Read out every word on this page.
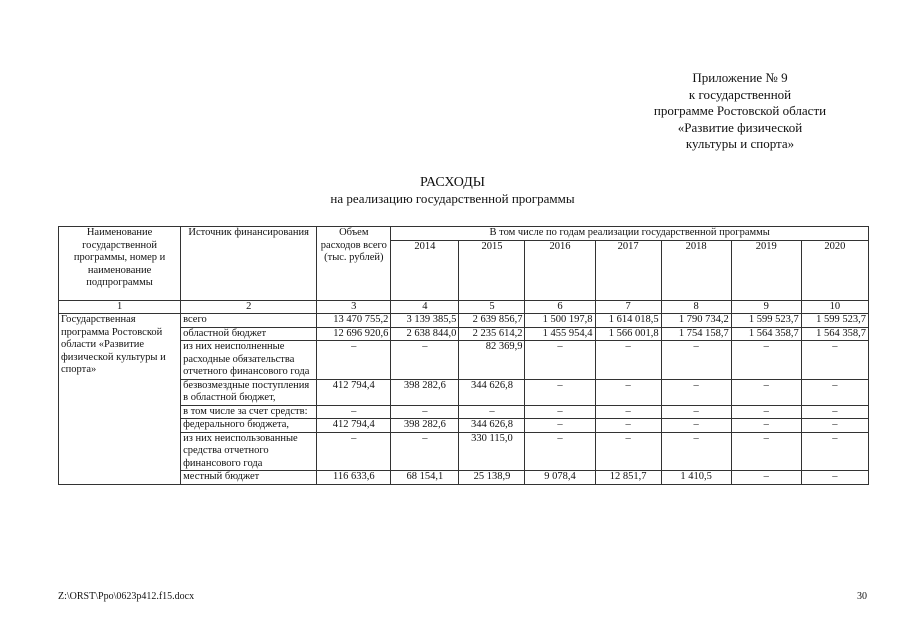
Приложение № 9
к государственной
программе Ростовской области
«Развитие физической
культуры и спорта»
РАСХОДЫ
на реализацию государственной программы
Наименование государственной программы, номер и наименование подпрограммы	Источник финансирования	Объем расходов всего (тыс. рублей)	В том числе по годам реализации государственной программы						
			2014	2015	2016	2017	2018	2019	2020
1	2	3	4	5	6	7	8	9	10
Государственная программа Ростовской области «Развитие физической культуры и спорта»	всего	13 470 755,2	3 139 385,5	2 639 856,7	1 500 197,8	1 614 018,5	1 790 734,2	1 599 523,7	1 599 523,7
	областной бюджет	12 696 920,6	2 638 844,0	2 235 614,2	1 455 954,4	1 566 001,8	1 754 158,7	1 564 358,7	1 564 358,7
	из них неисполненные расходные обязательства отчетного финансового года	–	–	82 369,9	–	–	–	–	–
	безвозмездные поступления в областной бюджет,	412 794,4	398 282,6	344 626,8	–	–	–	–	–
	в том числе за счет средств:	–	–	–	–	–	–	–	–
	федерального бюджета,	412 794,4	398 282,6	344 626,8	–	–	–	–	–
	из них неиспользованные средства отчетного финансового года	–	–	330 115,0	–	–	–	–	–
	местный бюджет	116 633,6	68 154,1	25 138,9	9 078,4	12 851,7	1 410,5	–	–
Z:\ORST\Ppo\0623p412.f15.docx	30
